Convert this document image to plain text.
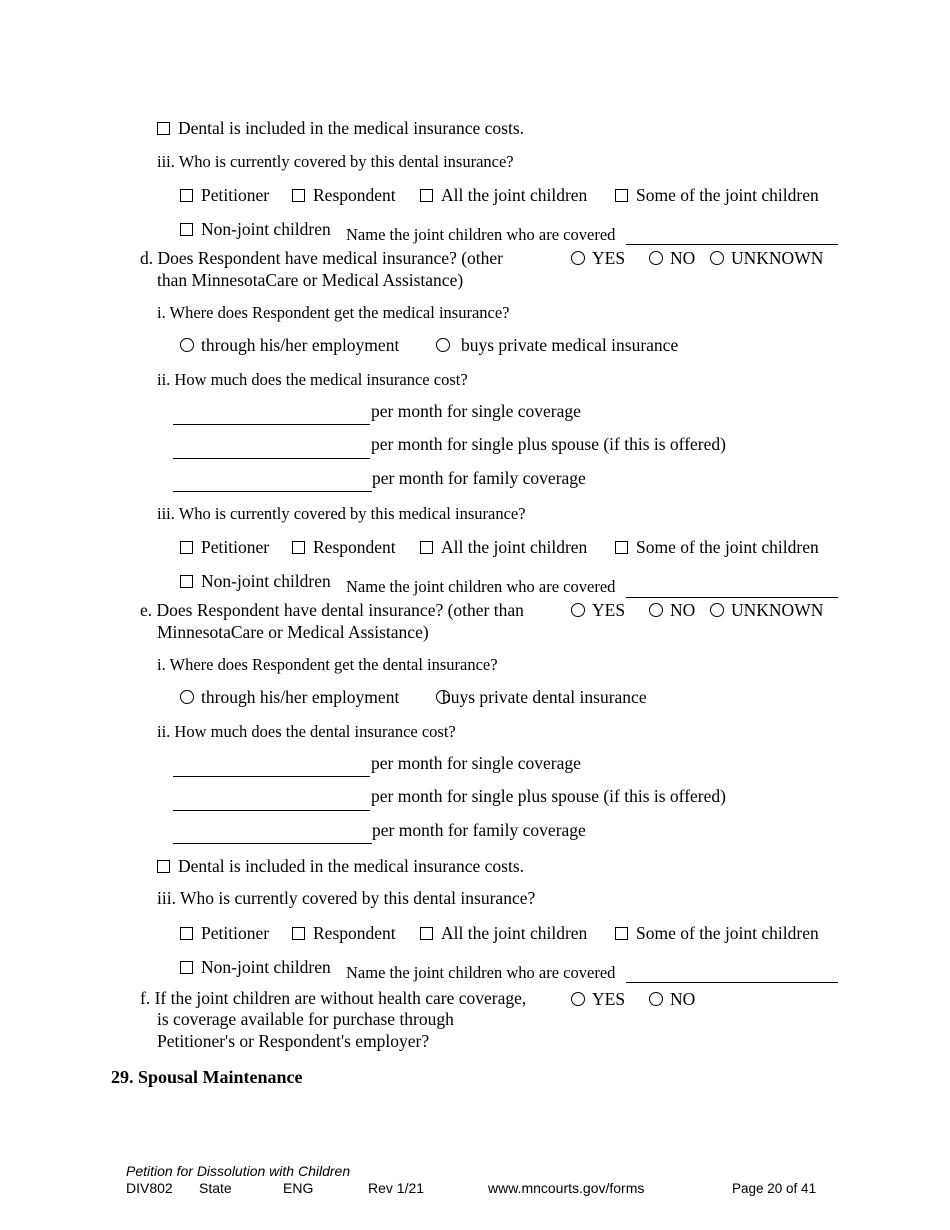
Dental is included in the medical insurance costs.
iii. Who is currently covered by this dental insurance?
Petitioner	Respondent	All the joint children	Some of the joint children
Non-joint children Name the joint children who are covered
d. Does Respondent have medical insurance? (other
than MinnesotaCare or Medical Assistance)
YES	NO	UNKNOWN
i. Where does Respondent get the medical insurance?
through his/her employment	buys private medical insurance
ii. How much does the medical insurance cost?
per month for single coverage
per month for single plus spouse (if this is offered)
per month for family coverage
iii. Who is currently covered by this medical insurance?
Petitioner	Respondent	All the joint children	Some of the joint children
Non-joint children Name the joint children who are covered
e. Does Respondent have dental insurance? (other than
MinnesotaCare or Medical Assistance)
YES	NO	UNKNOWN
i. Where does Respondent get the dental insurance?
through his/her employment	buys private dental insurance
ii. How much does the dental insurance cost?
per month for single coverage
per month for single plus spouse (if this is offered)
per month for family coverage
Dental is included in the medical insurance costs.
iii. Who is currently covered by this dental insurance?
Petitioner	Respondent	All the joint children	Some of the joint children
Non-joint children Name the joint children who are covered
f. If the joint children are without health care coverage,
is coverage available for purchase through
Petitioner's or Respondent's employer?
YES	NO
29. Spousal Maintenance
Petition for Dissolution with Children
DIV802 State	ENG	Rev 1/21	www.mncourts.gov/forms	Page 20 of 41
